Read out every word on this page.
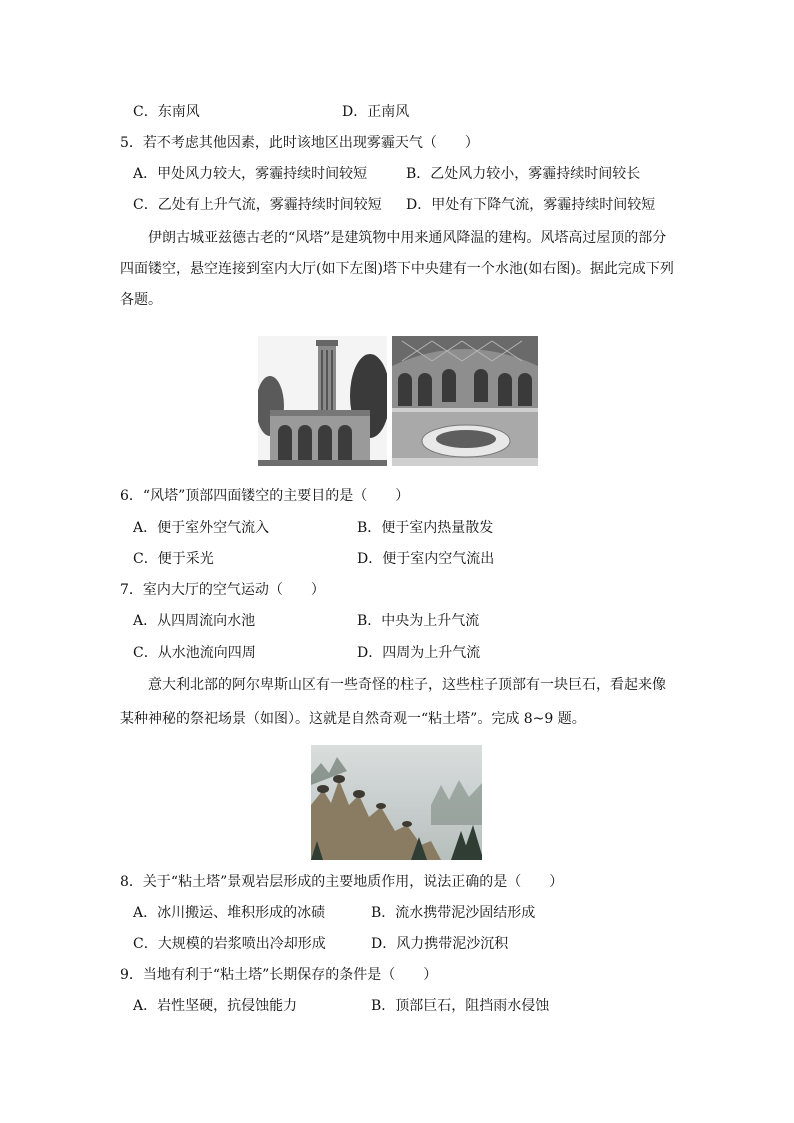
C．东南风	D．正南风
5．若不考虑其他因素，此时该地区出现雾霾天气（　　）
A．甲处风力较大，雾霾持续时间较短	B．乙处风力较小，雾霾持续时间较长
C．乙处有上升气流，雾霾持续时间较短 D．甲处有下降气流，雾霾持续时间较短
伊朗古城亚兹德古老的“风塔”是建筑物中用来通风降温的建构。风塔高过屋顶的部分
四面镂空，悬空连接到室内大厅(如下左图)塔下中央建有一个水池(如右图)。据此完成下列
各题。
6．“风塔”顶部四面镂空的主要目的是（　　）
A．便于室外空气流入	B．便于室内热量散发
C．便于采光	D．便于室内空气流出
7．室内大厅的空气运动（　　）
A．从四周流向水池	B．中央为上升气流
C．从水池流向四周	D．四周为上升气流
意大利北部的阿尔卑斯山区有一些奇怪的柱子，这些柱子顶部有一块巨石，看起来像
某种神秘的祭祀场景（如图）。这就是自然奇观一“粘土塔”。完成 8~9 题。
8．关于“粘土塔”景观岩层形成的主要地质作用，说法正确的是（　　）
A．冰川搬运、堆积形成的冰碛	B．流水携带泥沙固结形成
C．大规模的岩浆喷出冷却形成	D．风力携带泥沙沉积
9．当地有利于“粘土塔”长期保存的条件是（　　）
A．岩性坚硬，抗侵蚀能力	B．顶部巨石，阻挡雨水侵蚀
